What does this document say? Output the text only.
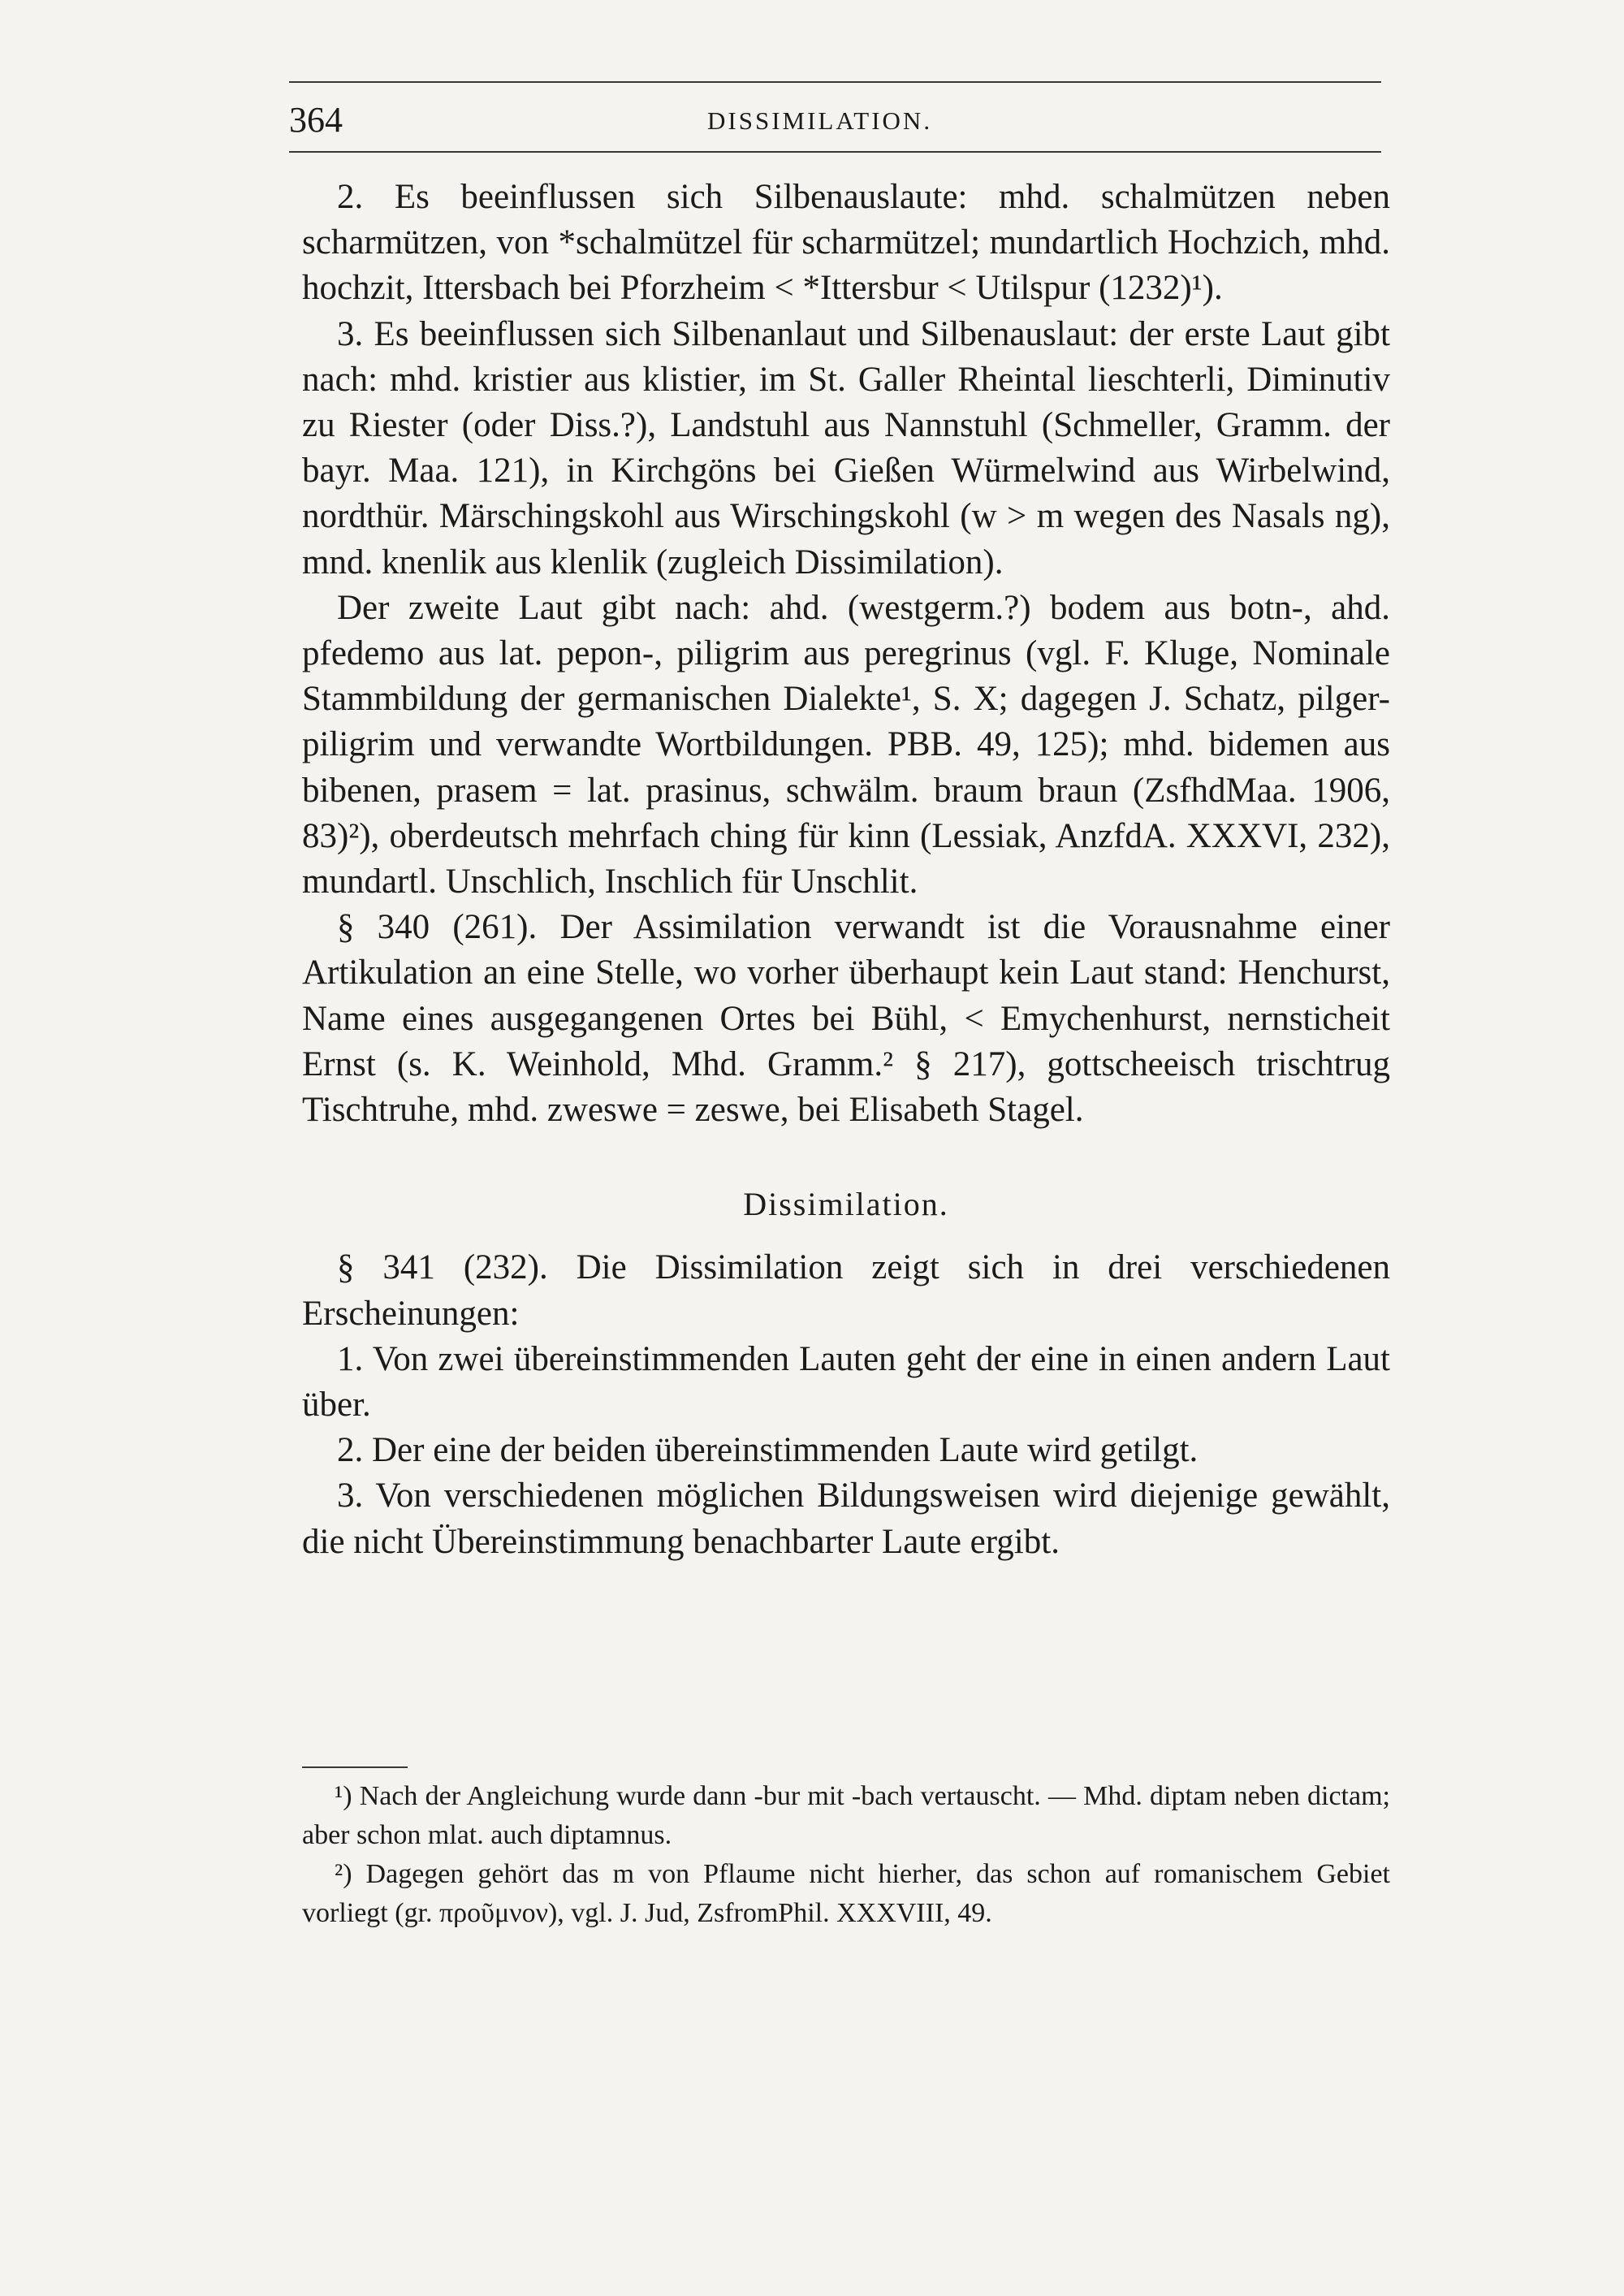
364	DISSIMILATION.

2. Es beeinflussen sich Silbenauslaute: mhd. schalmützen neben scharmützen, von *schalmützel für scharmützel; mundartlich Hochzich, mhd. hochzit, Ittersbach bei Pforzheim < *Ittersbur < Utilspur (1232)¹).

3. Es beeinflussen sich Silbenanlaut und Silbenauslaut: der erste Laut gibt nach: mhd. kristier aus klistier, im St. Galler Rheintal lieschterli, Diminutiv zu Riester (oder Diss.?), Landstuhl aus Nannstuhl (Schmeller, Gramm. der bayr. Maa. 121), in Kirchgöns bei Gießen Würmelwind aus Wirbelwind, nordthür. Märschingskohl aus Wirschingskohl (w > m wegen des Nasals ng), mnd. knenlik aus klenlik (zugleich Dissimilation).

Der zweite Laut gibt nach: ahd. (westgerm.?) bodem aus botn-, ahd. pfedemo aus lat. pepon-, piligrim aus peregrinus (vgl. F. Kluge, Nominale Stammbildung der germanischen Dialekte¹, S. X; dagegen J. Schatz, pilger-piligrim und verwandte Wortbildungen. PBB. 49, 125); mhd. bidemen aus bibenen, prasem = lat. prasinus, schwälm. braum braun (ZsfhdMaa. 1906, 83)²), oberdeutsch mehrfach ching für kinn (Lessiak, AnzfdA. XXXVI, 232), mundartl. Unschlich, Inschlich für Unschlit.

§ 340 (261). Der Assimilation verwandt ist die Vorausnahme einer Artikulation an eine Stelle, wo vorher überhaupt kein Laut stand: Henchurst, Name eines ausgegangenen Ortes bei Bühl, < Emychenhurst, nernsticheit Ernst (s. K. Weinhold, Mhd. Gramm.² § 217), gottscheeisch trischtrug Tischtruhe, mhd. zweswe = zeswe, bei Elisabeth Stagel.

Dissimilation.

§ 341 (232). Die Dissimilation zeigt sich in drei verschiedenen Erscheinungen:

1. Von zwei übereinstimmenden Lauten geht der eine in einen andern Laut über.

2. Der eine der beiden übereinstimmenden Laute wird getilgt.

3. Von verschiedenen möglichen Bildungsweisen wird diejenige gewählt, die nicht Übereinstimmung benachbarter Laute ergibt.

¹) Nach der Angleichung wurde dann -bur mit -bach vertauscht. — Mhd. diptam neben dictam; aber schon mlat. auch diptamnus.

²) Dagegen gehört das m von Pflaume nicht hierher, das schon auf romanischem Gebiet vorliegt (gr. προῦμνον), vgl. J. Jud, ZsfromPhil. XXXVIII, 49.
